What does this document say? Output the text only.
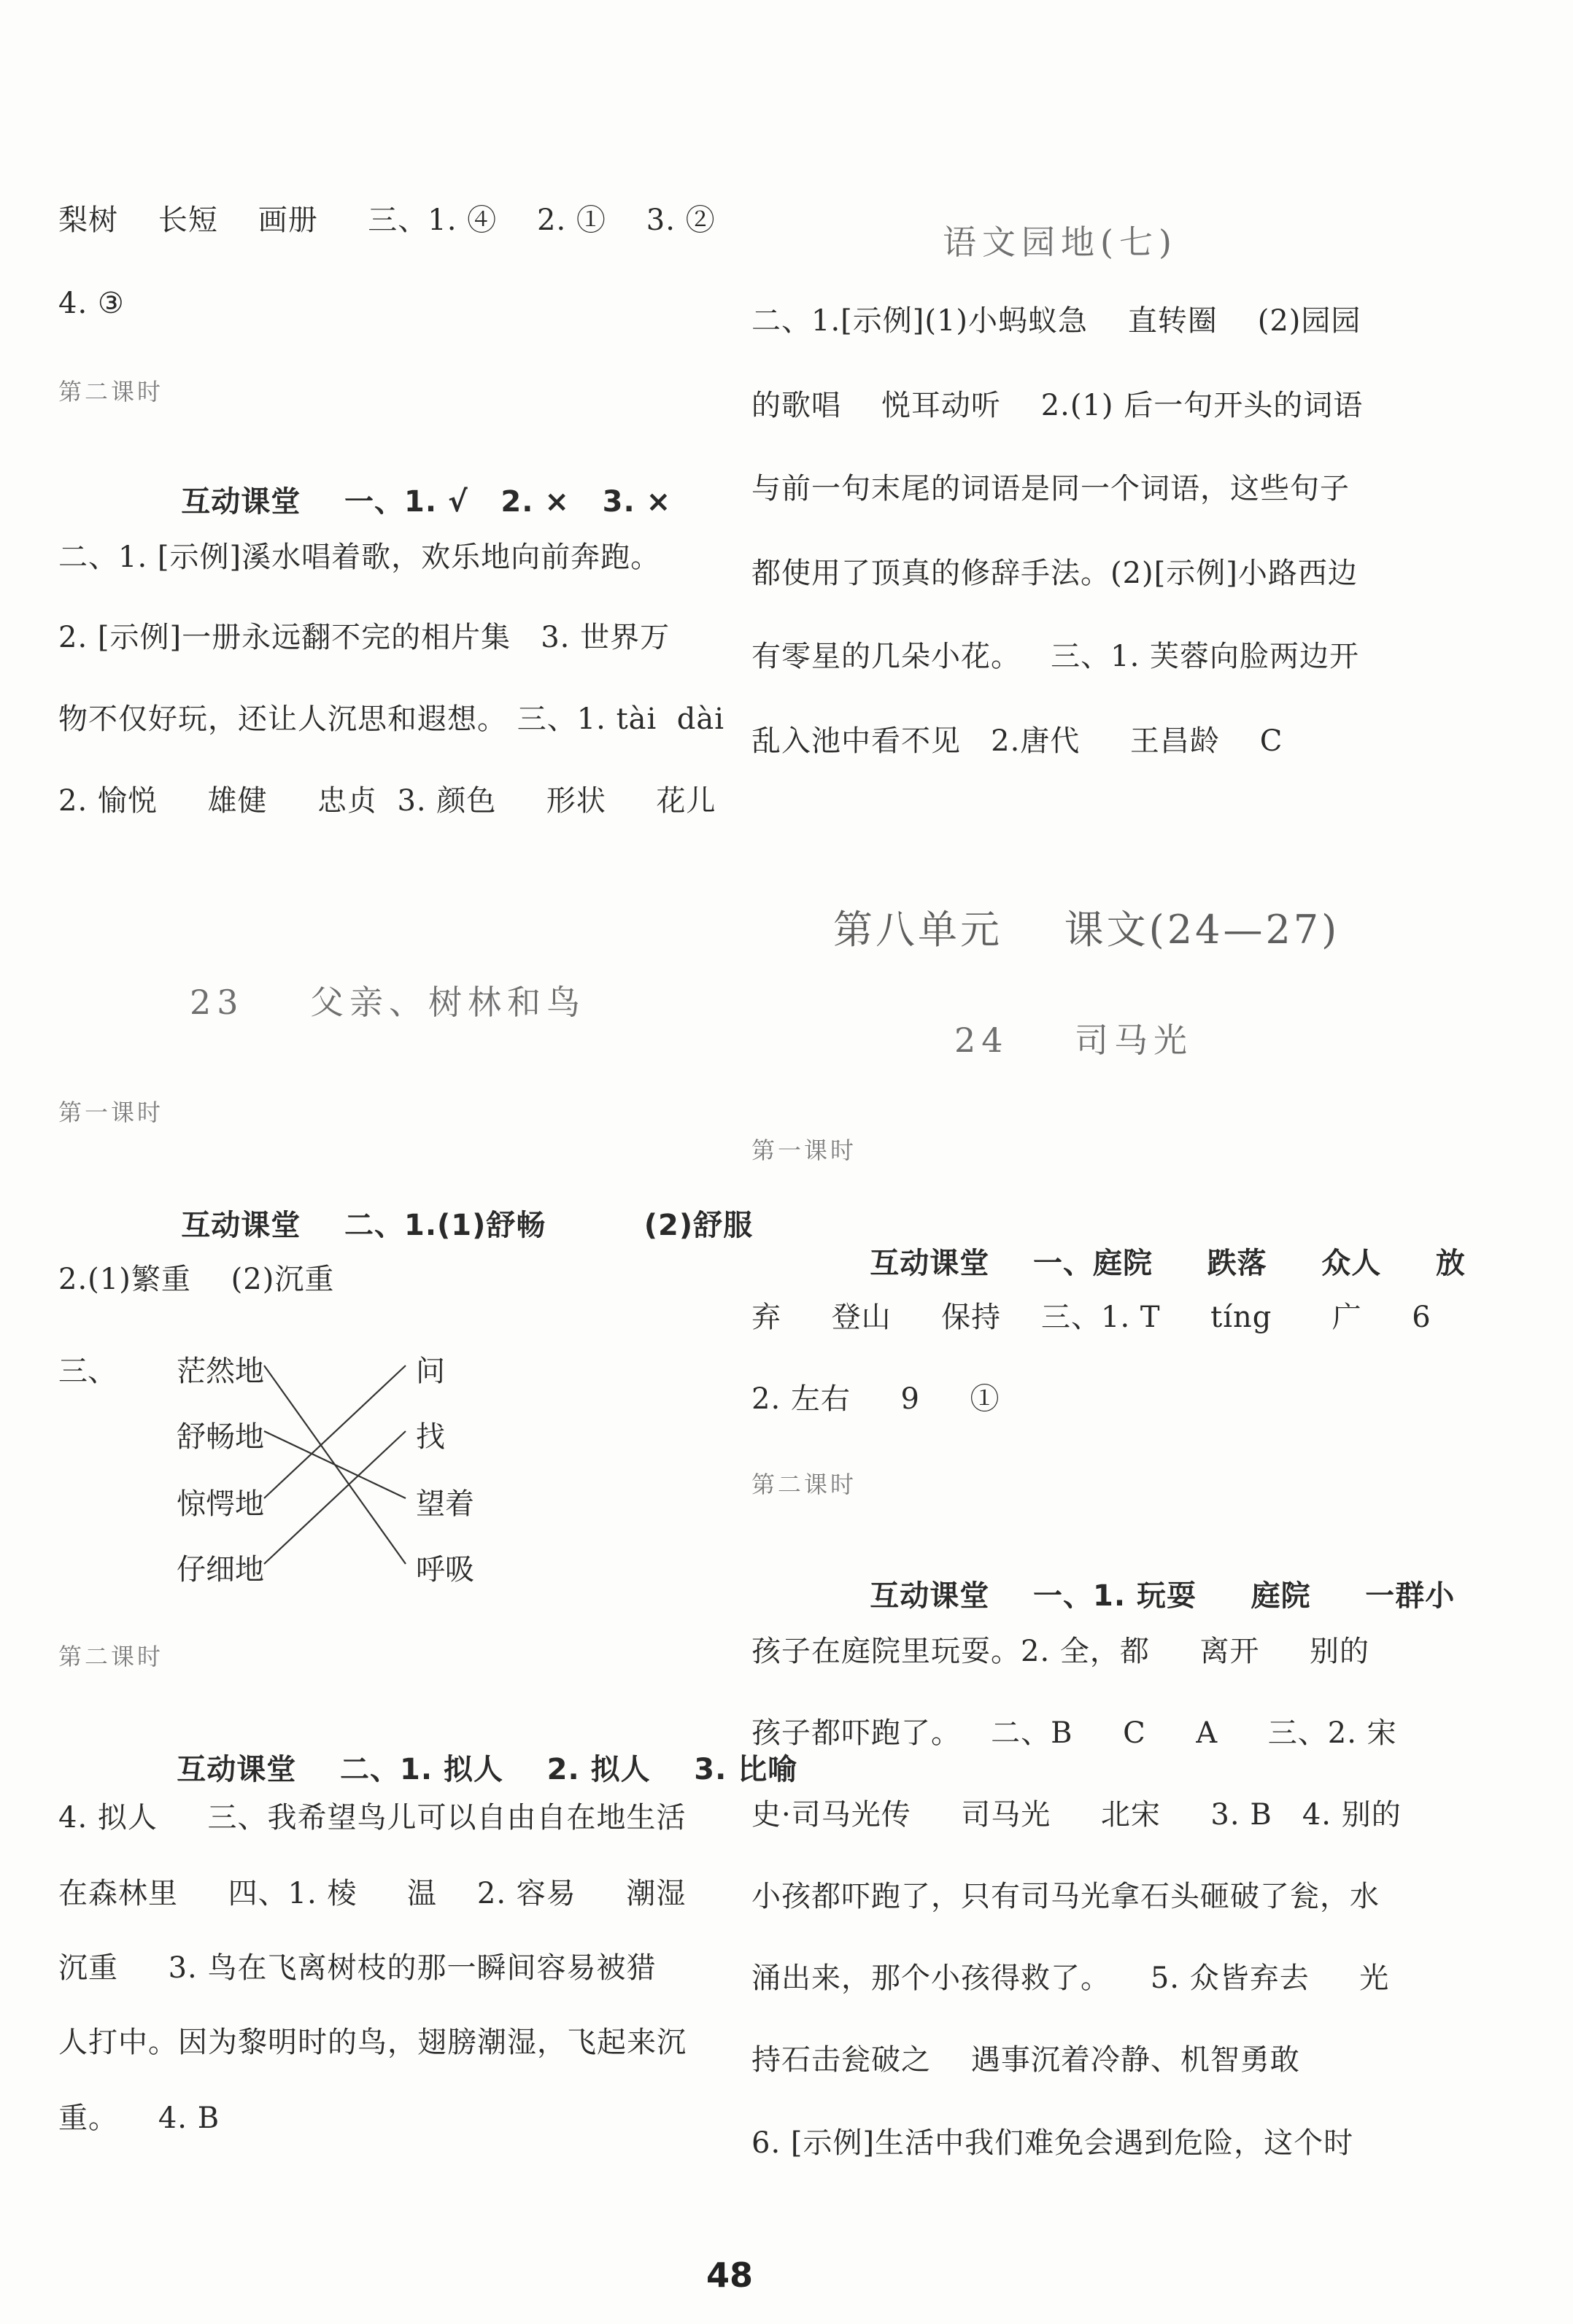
梨树    长短    画册     三、1. ④    2. ①    3. ②
4. ③
第二课时

互动课堂    一、1. √   2. ×   3. ×

二、1. [示例]溪水唱着歌，欢乐地向前奔跑。
2. [示例]一册永远翻不完的相片集   3. 世界万
物不仅好玩，还让人沉思和遐想。 三、1. tài  dài
2. 愉悦     雄健     忠贞  3. 颜色     形状     花儿
23    父亲、树林和鸟
第一课时

互动课堂    二、1.(1)舒畅         (2)舒服

2.(1)繁重    (2)沉重
三、 茫然地
舒畅地
惊愕地
仔细地
问
找
望着
呼吸
第二课时

互动课堂    二、1. 拟人    2. 拟人    3. 比喻

4. 拟人     三、我希望鸟儿可以自由自在地生活
在森林里     四、1. 棱     温    2. 容易     潮湿
沉重     3. 鸟在飞离树枝的那一瞬间容易被猎
人打中。因为黎明时的鸟，翅膀潮湿，飞起来沉
重。    4. B
语文园地(七)
二、1.[示例](1)小蚂蚁急    直转圈    (2)园园
的歌唱    悦耳动听    2.(1) 后一句开头的词语
与前一句末尾的词语是同一个词语，这些句子
都使用了顶真的修辞手法。(2)[示例]小路西边
有零星的几朵小花。   三、1. 芙蓉向脸两边开
乱入池中看不见   2.唐代     王昌龄    C
第八单元    课文(24—27)
24    司马光
第一课时

互动课堂    一、庭院     跌落     众人     放

弃     登山     保持    三、1. T     tíng      广     6
2. 左右     9     ①
第二课时

互动课堂    一、1. 玩耍     庭院     一群小

孩子在庭院里玩耍。2. 全，都     离开     别的
孩子都吓跑了。   二、B     C     A     三、2. 宋
史·司马光传     司马光     北宋     3. B   4. 别的
小孩都吓跑了，只有司马光拿石头砸破了瓮，水
涌出来，那个小孩得救了。    5. 众皆弃去     光
持石击瓮破之    遇事沉着冷静、机智勇敢
6. [示例]生活中我们难免会遇到危险，这个时
48
